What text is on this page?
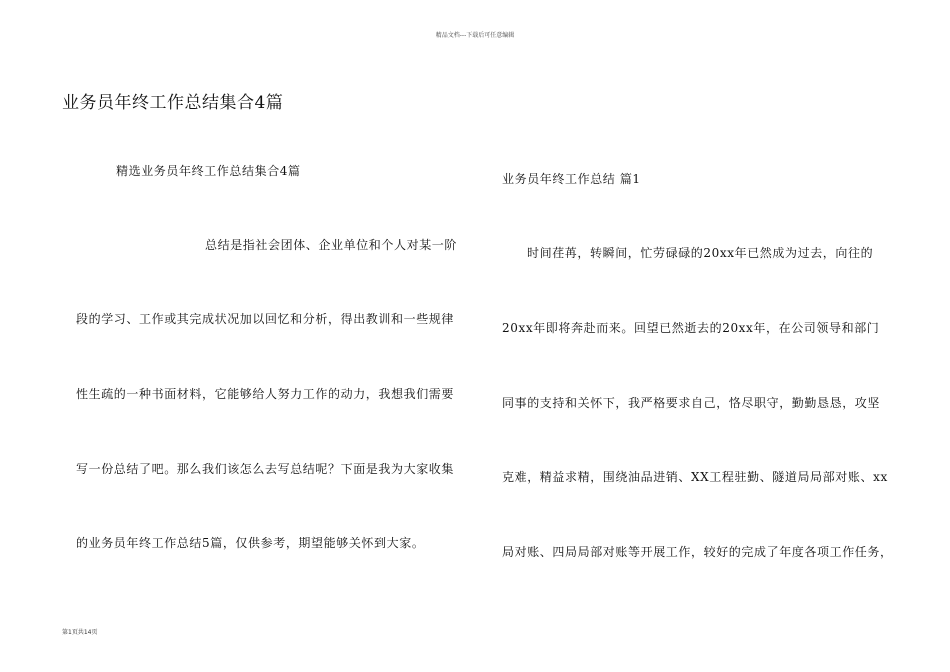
精品文档---下载后可任意编辑
业务员年终工作总结集合4篇
精选业务员年终工作总结集合4篇
总结是指社会团体、企业单位和个人对某一阶
段的学习、工作或其完成状况加以回忆和分析，得出教训和一些规律
性生疏的一种书面材料，它能够给人努力工作的动力，我想我们需要
写一份总结了吧。那么我们该怎么去写总结呢？下面是我为大家收集
的业务员年终工作总结5篇，仅供参考，期望能够关怀到大家。
业务员年终工作总结 篇1
时间荏苒，转瞬间，忙劳碌碌的20xx年已然成为过去，向往的
20xx年即将奔赴而来。回望已然逝去的20xx年，在公司领导和部门
同事的支持和关怀下，我严格要求自己，恪尽职守，勤勤恳恳，攻坚
克难，精益求精，围绕油品进销、XX工程驻勤、隧道局局部对账、xx
局对账、四局局部对账等开展工作，较好的完成了年度各项工作任务，
第1页共14页
